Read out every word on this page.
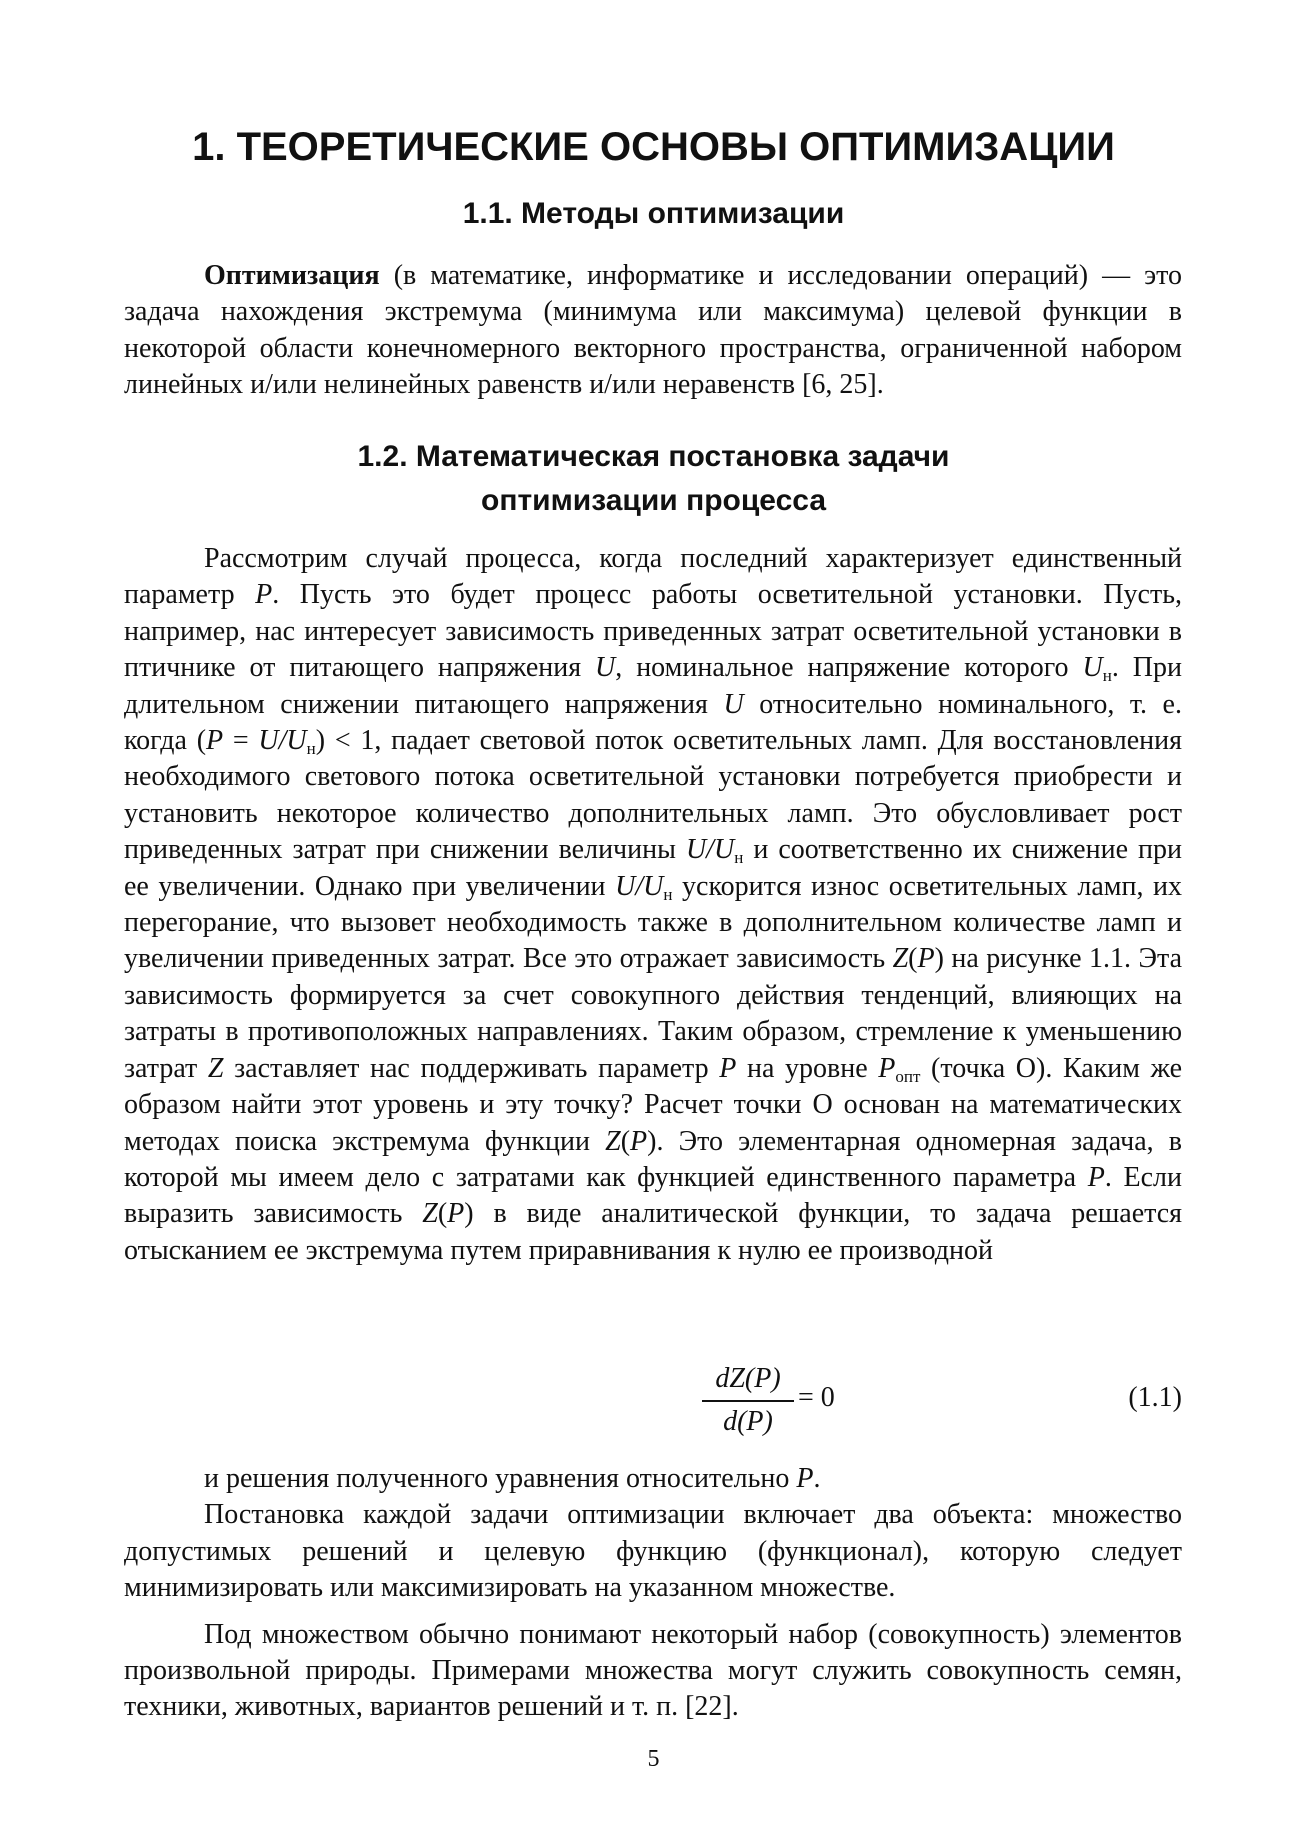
1. ТЕОРЕТИЧЕСКИЕ ОСНОВЫ ОПТИМИЗАЦИИ
1.1. Методы оптимизации

Оптимизация (в математике, информатике и исследовании операций) — это задача нахождения экстремума (минимума или максимума) целевой функции в некоторой области конечномерного векторного пространства, ограниченной набором линейных и/или нелинейных равенств и/или неравенств [6, 25].

1.2. Математическая постановка задачи
оптимизации процесса

Рассмотрим случай процесса, когда последний характеризует единственный параметр P. Пусть это будет процесс работы осветительной установки. Пусть, например, нас интересует зависимость приведенных затрат осветительной установки в птичнике от питающего напряжения U, номинальное напряжение которого $U_н$. При длительном снижении питающего напряжения U относительно номинального, т. е. когда $(P = U/U_н) < 1$, падает световой поток осветительных ламп. Для восстановления необходимого светового потока осветительной установки потребуется приобрести и установить некоторое количество дополнительных ламп. Это обусловливает рост приведенных затрат при снижении величины $U/U_н$ и соответственно их снижение при ее увеличении. Однако при увеличении $U/U_н$ ускорится износ осветительных ламп, их перегорание, что вызовет необходимость также в дополнительном количестве ламп и увеличении приведенных затрат. Все это отражает зависимость Z(P) на рисунке 1.1. Эта зависимость формируется за счет совокупного действия тенденций, влияющих на затраты в противоположных направлениях. Таким образом, стремление к уменьшению затрат Z заставляет нас поддерживать параметр P на уровне $P_{опт}$ (точка О). Каким же образом найти этот уровень и эту точку? Расчет точки О основан на математических методах поиска экстремума функции Z(P). Это элементарная одномерная задача, в которой мы имеем дело с затратами как функцией единственного параметра P. Если выразить зависимость Z(P) в виде аналитической функции, то задача решается отысканием ее экстремума путем приравнивания к нулю ее производной

$\frac{dZ(P)}{d(P)} = 0$	(1.1)

и решения полученного уравнения относительно P.

Постановка каждой задачи оптимизации включает два объекта: множество допустимых решений и целевую функцию (функционал), которую следует минимизировать или максимизировать на указанном множестве.

Под множеством обычно понимают некоторый набор (совокупность) элементов произвольной природы. Примерами множества могут служить совокупность семян, техники, животных, вариантов решений и т. п. [22].

5
